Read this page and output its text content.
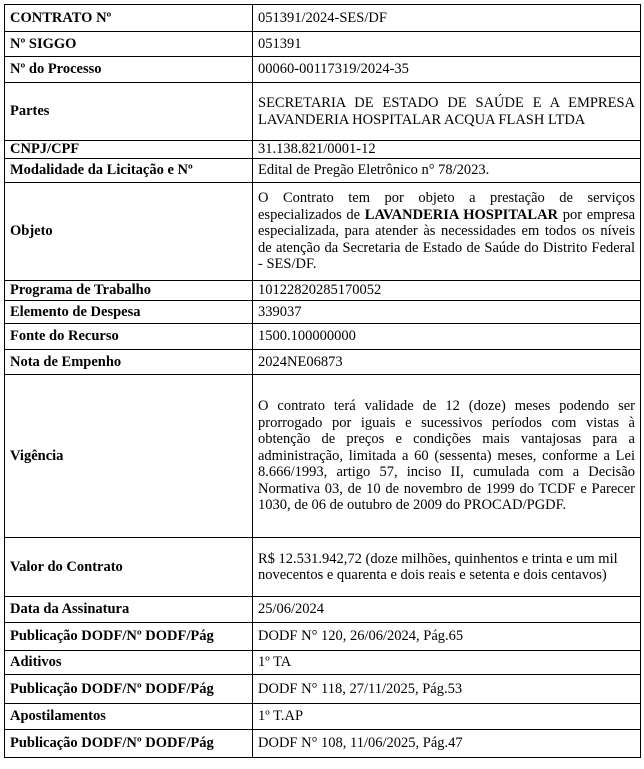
CONTRATO Nº	051391/2024-SES/DF
Nº SIGGO	051391
Nº do Processo	00060-00117319/2024-35
Partes	SECRETARIA DE ESTADO DE SAÚDE E A EMPRESA LAVANDERIA HOSPITALAR ACQUA FLASH LTDA
CNPJ/CPF	31.138.821/0001-12
Modalidade da Licitação e Nº	Edital de Pregão Eletrônico n° 78/2023.
Objeto	O Contrato tem por objeto a prestação de serviços especializados de LAVANDERIA HOSPITALAR por empresa especializada, para atender às necessidades em todos os níveis de atenção da Secretaria de Estado de Saúde do Distrito Federal - SES/DF.
Programa de Trabalho	10122820285170052
Elemento de Despesa	339037
Fonte do Recurso	1500.100000000
Nota de Empenho	2024NE06873
Vigência	O contrato terá validade de 12 (doze) meses podendo ser prorrogado por iguais e sucessivos períodos com vistas à obtenção de preços e condições mais vantajosas para a administração, limitada a 60 (sessenta) meses, conforme a Lei 8.666/1993, artigo 57, inciso II, cumulada com a Decisão Normativa 03, de 10 de novembro de 1999 do TCDF e Parecer 1030, de 06 de outubro de 2009 do PROCAD/PGDF.
Valor do Contrato	R$ 12.531.942,72 (doze milhões, quinhentos e trinta e um mil novecentos e quarenta e dois reais e setenta e dois centavos)
Data da Assinatura	25/06/2024
Publicação DODF/Nº DODF/Pág	DODF N° 120, 26/06/2024, Pág.65
Aditivos	1º TA
Publicação DODF/Nº DODF/Pág	DODF N° 118, 27/11/2025, Pág.53
Apostilamentos	1º T.AP
Publicação DODF/Nº DODF/Pág	DODF N° 108, 11/06/2025, Pág.47
